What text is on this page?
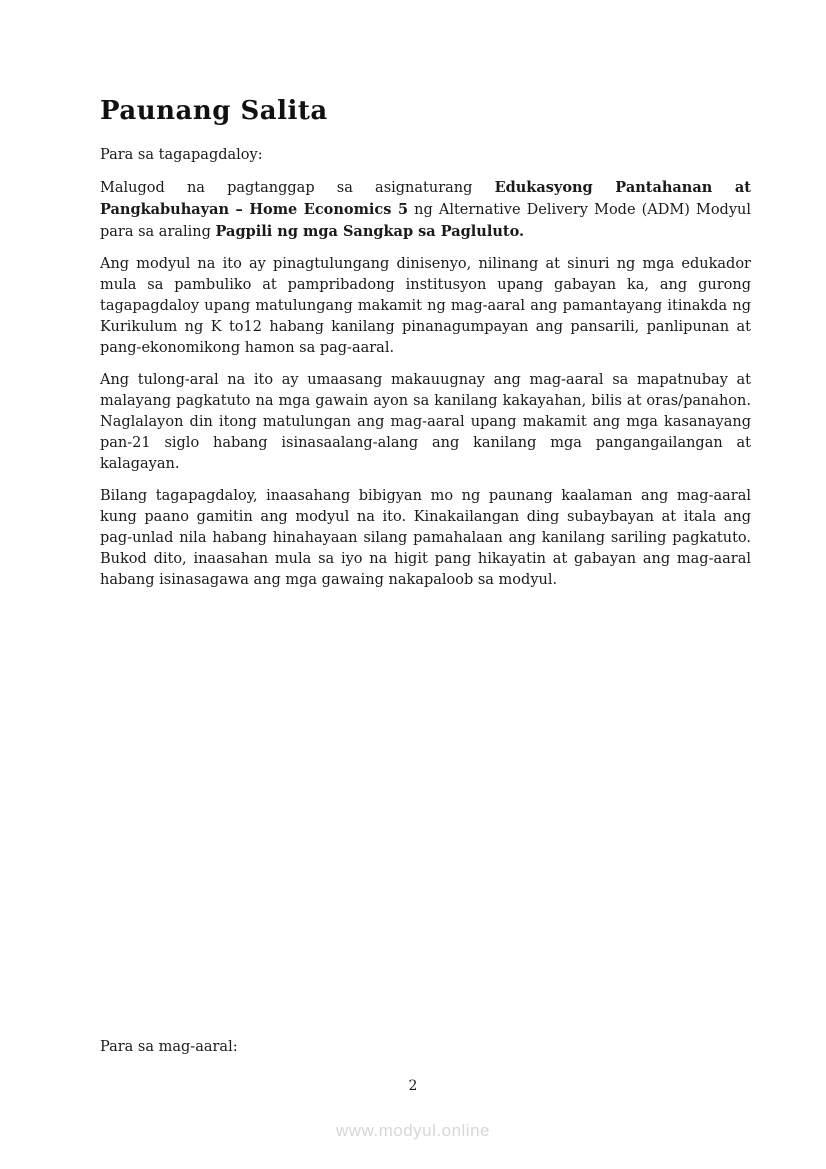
Paunang Salita

Para sa tagapagdaloy:

Malugod na pagtanggap sa asignaturang Edukasyong Pantahanan at Pangkabuhayan – Home Economics 5 ng Alternative Delivery Mode (ADM) Modyul para sa araling Pagpili ng mga Sangkap sa Pagluluto.

Ang modyul na ito ay pinagtulungang dinisenyo, nilinang at sinuri ng mga edukador mula sa pambuliko at pampribadong institusyon upang gabayan ka, ang gurong tagapagdaloy upang matulungang makamit ng mag-aaral ang pamantayang itinakda ng Kurikulum ng K to12 habang kanilang pinanagumpayan ang pansarili, panlipunan at pang-ekonomikong hamon sa pag-aaral.

Ang tulong-aral na ito ay umaasang makauugnay ang mag-aaral sa mapatnubay at malayang pagkatuto na mga gawain ayon sa kanilang kakayahan, bilis at oras/panahon. Naglalayon din itong matulungan ang mag-aaral upang makamit ang mga kasanayang pan-21 siglo habang isinasaalang-alang ang kanilang mga pangangailangan at kalagayan.

Bilang tagapagdaloy, inaasahang bibigyan mo ng paunang kaalaman ang mag-aaral kung paano gamitin ang modyul na ito. Kinakailangan ding subaybayan at itala ang pag-unlad nila habang hinahayaan silang pamahalaan ang kanilang sariling pagkatuto. Bukod dito, inaasahan mula sa iyo na higit pang hikayatin at gabayan ang mag-aaral habang isinasagawa ang mga gawaing nakapaloob sa modyul.

Para sa mag-aaral:

2

www.modyul.online
